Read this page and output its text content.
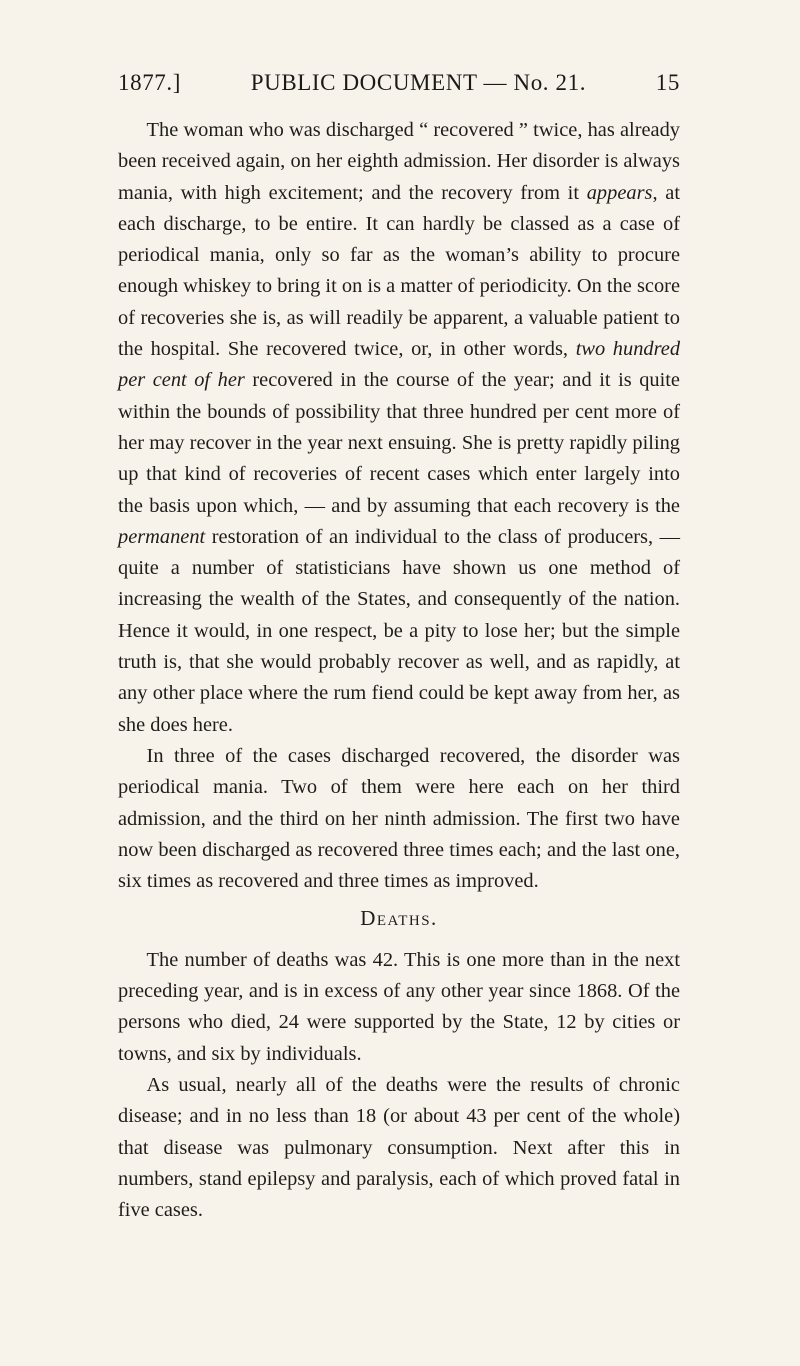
1877.]	PUBLIC DOCUMENT — No. 21.	15

The woman who was discharged “ recovered ” twice, has already been received again, on her eighth admission. Her disorder is always mania, with high excitement; and the recovery from it appears, at each discharge, to be entire. It can hardly be classed as a case of periodical mania, only so far as the woman’s ability to procure enough whiskey to bring it on is a matter of periodicity. On the score of recoveries she is, as will readily be apparent, a valuable patient to the hospital. She recovered twice, or, in other words, two hundred per cent of her recovered in the course of the year; and it is quite within the bounds of possibility that three hundred per cent more of her may recover in the year next ensuing. She is pretty rapidly piling up that kind of recoveries of recent cases which enter largely into the basis upon which, — and by assuming that each recovery is the permanent restoration of an individual to the class of producers, — quite a number of statisticians have shown us one method of increasing the wealth of the States, and consequently of the nation. Hence it would, in one respect, be a pity to lose her; but the simple truth is, that she would probably recover as well, and as rapidly, at any other place where the rum fiend could be kept away from her, as she does here.

In three of the cases discharged recovered, the disorder was periodical mania. Two of them were here each on her third admission, and the third on her ninth admission. The first two have now been discharged as recovered three times each; and the last one, six times as recovered and three times as improved.

Deaths.

The number of deaths was 42. This is one more than in the next preceding year, and is in excess of any other year since 1868. Of the persons who died, 24 were supported by the State, 12 by cities or towns, and six by individuals.

As usual, nearly all of the deaths were the results of chronic disease; and in no less than 18 (or about 43 per cent of the whole) that disease was pulmonary consumption. Next after this in numbers, stand epilepsy and paralysis, each of which proved fatal in five cases.
